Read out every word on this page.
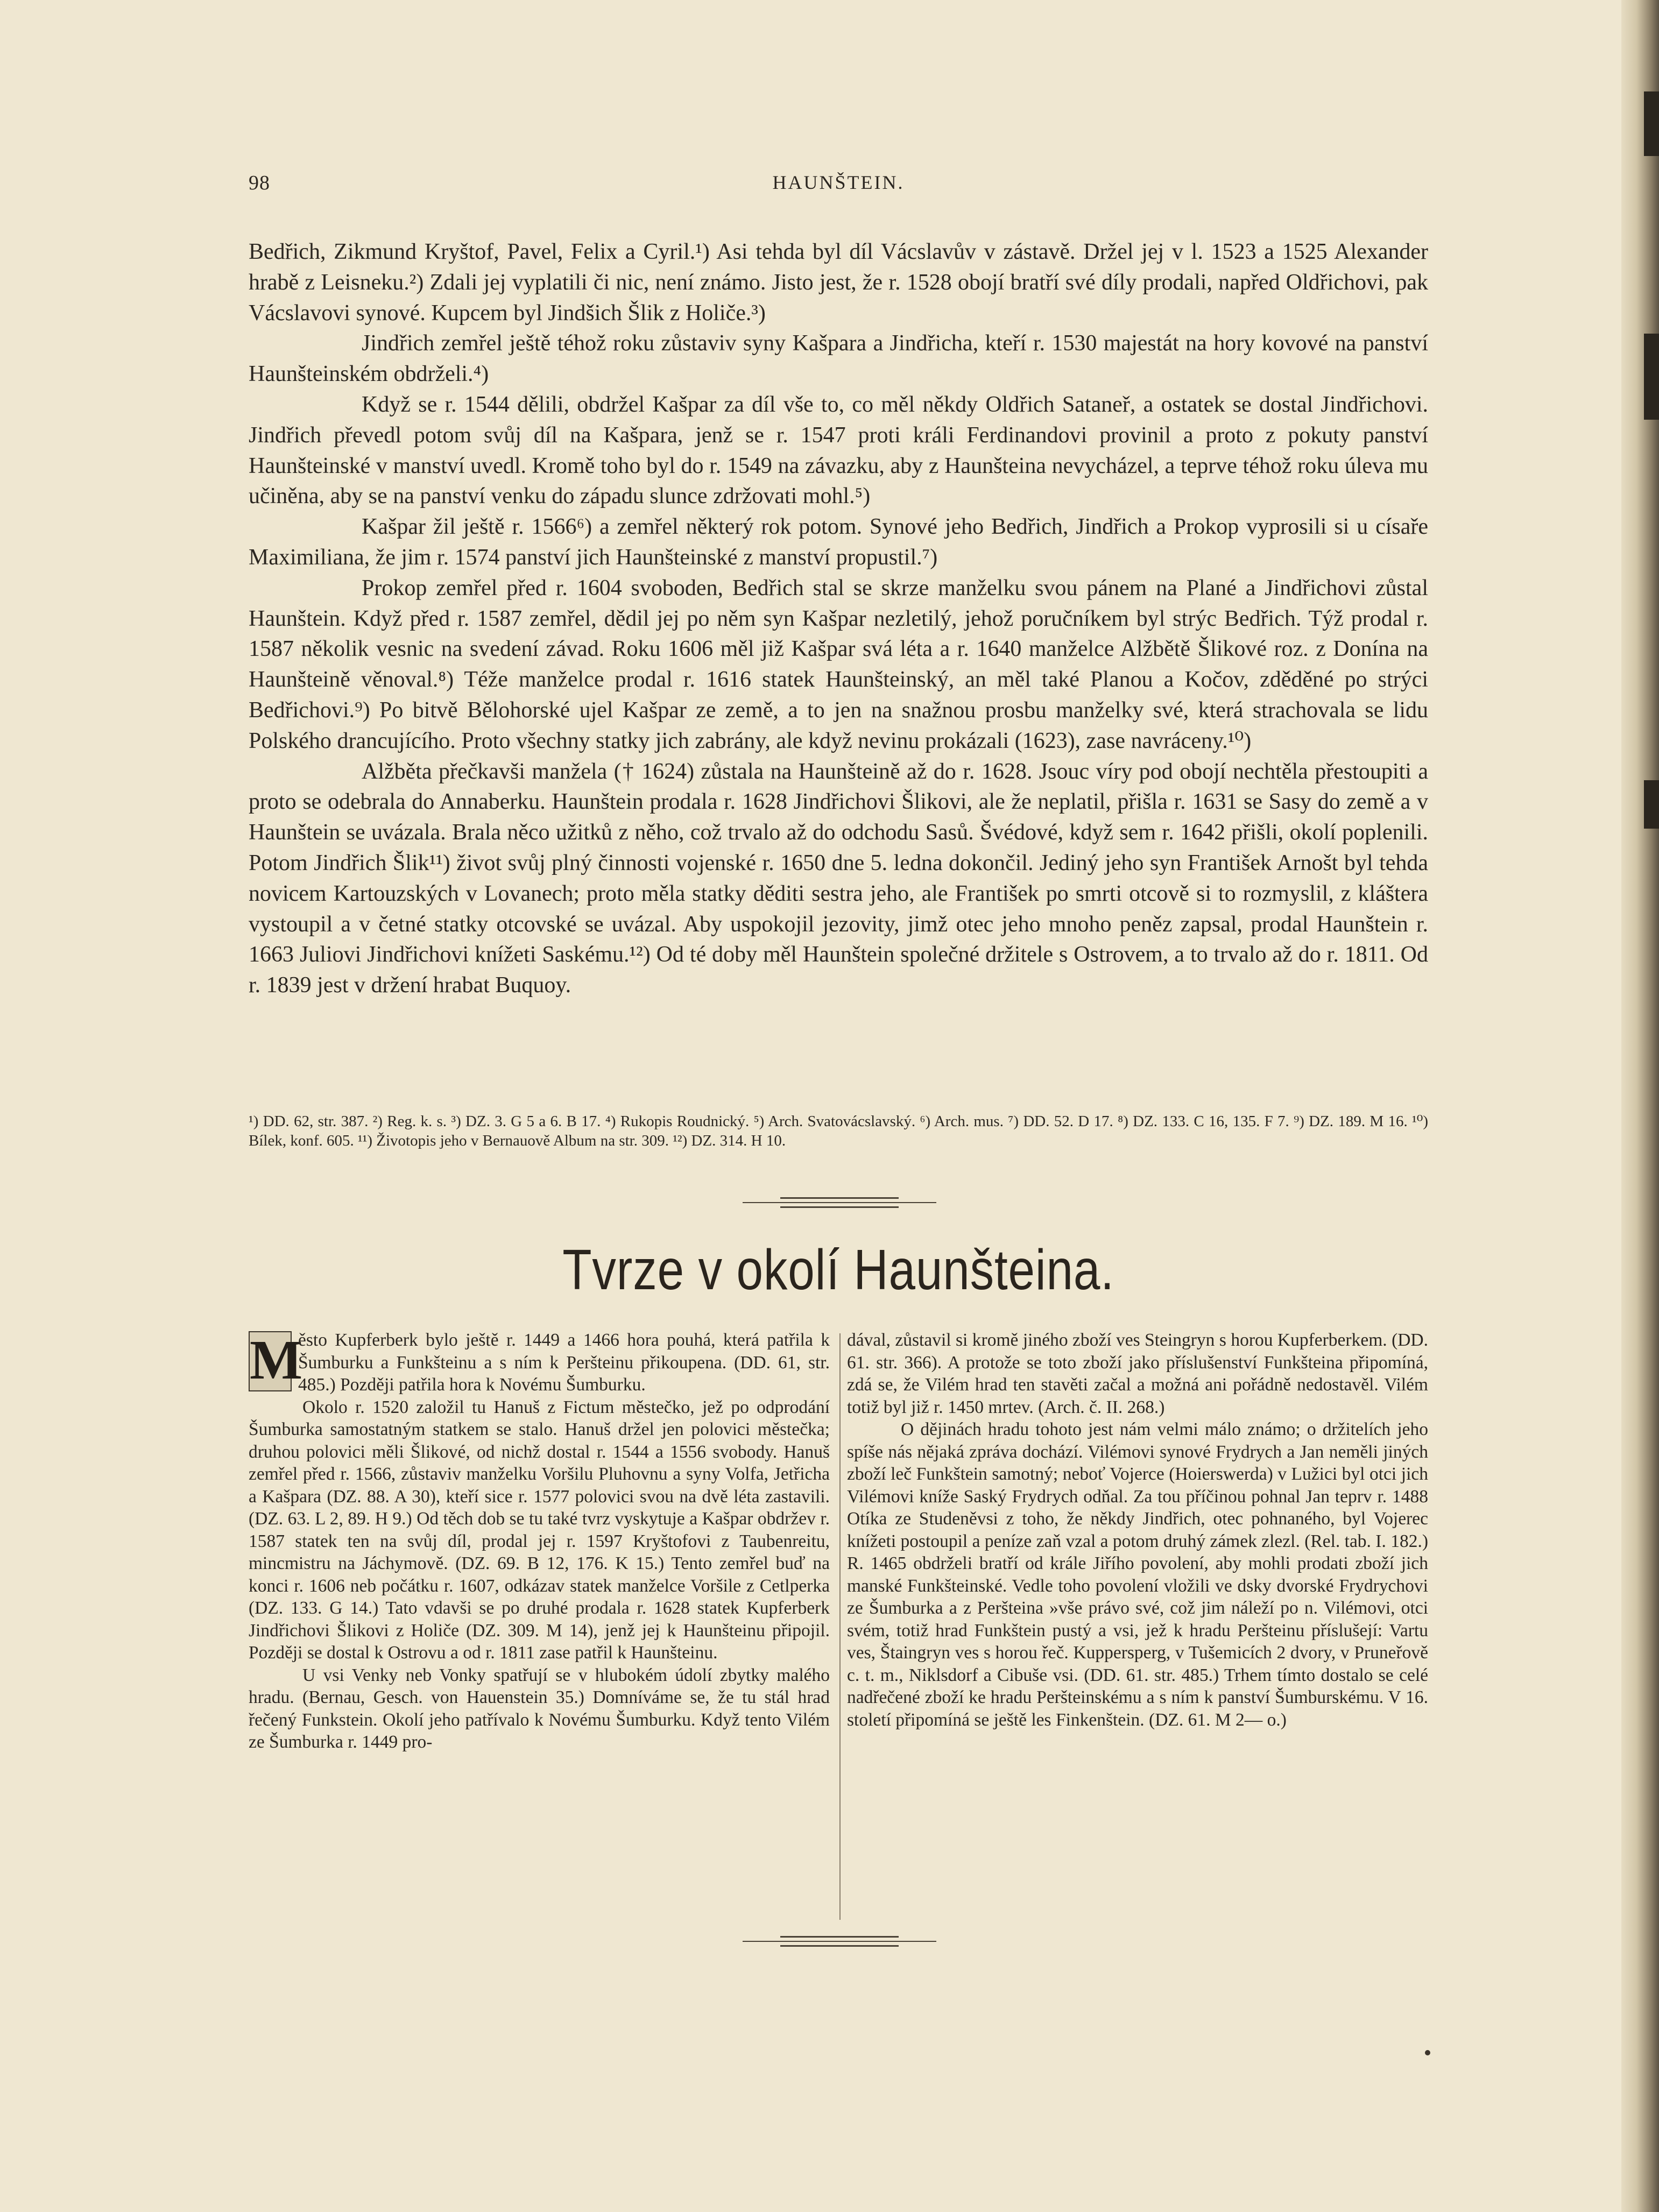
98	HAUNŠTEIN.

Bedřich, Zikmund Kryštof, Pavel, Felix a Cyril.¹) Asi tehda byl díl Vácslavův v zástavě. Držel jej v l. 1523 a 1525 Alexander hrabě z Leisneku.²) Zdali jej vyplatili či nic, není známo. Jisto jest, že r. 1528 obojí bratří své díly prodali, napřed Oldřichovi, pak Vácslavovi synové. Kupcem byl Jindšich Šlik z Holiče.³)

Jindřich zemřel ještě téhož roku zůstaviv syny Kašpara a Jindřicha, kteří r. 1530 majestát na hory kovové na panství Haunšteinském obdrželi.⁴)

Když se r. 1544 dělili, obdržel Kašpar za díl vše to, co měl někdy Oldřich Sataneř, a ostatek se dostal Jindřichovi. Jindřich převedl potom svůj díl na Kašpara, jenž se r. 1547 proti králi Ferdinandovi provinil a proto z pokuty panství Haunšteinské v manství uvedl. Kromě toho byl do r. 1549 na závazku, aby z Haunšteina nevycházel, a teprve téhož roku úleva mu učiněna, aby se na panství venku do západu slunce zdržovati mohl.⁵)

Kašpar žil ještě r. 1566⁶) a zemřel některý rok potom. Synové jeho Bedřich, Jindřich a Prokop vyprosili si u císaře Maximiliana, že jim r. 1574 panství jich Haunšteinské z manství propustil.⁷)

Prokop zemřel před r. 1604 svoboden, Bedřich stal se skrze manželku svou pánem na Plané a Jindřichovi zůstal Haunštein. Když před r. 1587 zemřel, dědil jej po něm syn Kašpar nezletilý, jehož poručníkem byl strýc Bedřich. Týž prodal r. 1587 několik vesnic na svedení závad. Roku 1606 měl již Kašpar svá léta a r. 1640 manželce Alžbětě Šlikové roz. z Donína na Haunšteině věnoval.⁸) Téže manželce prodal r. 1616 statek Haunšteinský, an měl také Planou a Kočov, zděděné po strýci Bedřichovi.⁹) Po bitvě Bělohorské ujel Kašpar ze země, a to jen na snažnou prosbu manželky své, která strachovala se lidu Polského drancujícího. Proto všechny statky jich zabrány, ale když nevinu prokázali (1623), zase navráceny.¹⁰)

Alžběta přečkavši manžela († 1624) zůstala na Haunšteině až do r. 1628. Jsouc víry pod obojí nechtěla přestoupiti a proto se odebrala do Annaberku. Haunštein prodala r. 1628 Jindřichovi Šlikovi, ale že neplatil, přišla r. 1631 se Sasy do země a v Haunštein se uvázala. Brala něco užitků z něho, což trvalo až do odchodu Sasů. Švédové, když sem r. 1642 přišli, okolí poplenili. Potom Jindřich Šlik¹¹) život svůj plný činnosti vojenské r. 1650 dne 5. ledna dokončil. Jediný jeho syn František Arnošt byl tehda novicem Kartouzských v Lovanech; proto měla statky děditi sestra jeho, ale František po smrti otcově si to rozmyslil, z kláštera vystoupil a v četné statky otcovské se uvázal. Aby uspokojil jezovity, jimž otec jeho mnoho peněz zapsal, prodal Haunštein r. 1663 Juliovi Jindřichovi knížeti Saskému.¹²) Od té doby měl Haunštein společné držitele s Ostrovem, a to trvalo až do r. 1811. Od r. 1839 jest v držení hrabat Buquoy.

¹) DD. 62, str. 387. ²) Reg. k. s. ³) DZ. 3. G 5 a 6. B 17. ⁴) Rukopis Roudnický. ⁵) Arch. Svatovácslavský. ⁶) Arch. mus. ⁷) DD. 52. D 17. ⁸) DZ. 133. C 16, 135. F 7. ⁹) DZ. 189. M 16. ¹⁰) Bílek, konf. 605. ¹¹) Životopis jeho v Bernauově Album na str. 309. ¹²) DZ. 314. H 10.

Tvrze v okolí Haunšteina.

M
ěsto Kupferberk bylo ještě r. 1449 a 1466 hora pouhá, která patřila k Šumburku a Funkšteinu a s ním k Peršteinu přikoupena. (DD. 61, str. 485.) Později patřila hora k Novému Šumburku.

Okolo r. 1520 založil tu Hanuš z Fictum městečko, jež po odprodání Šumburka samostatným statkem se stalo. Hanuš držel jen polovici městečka; druhou polovici měli Šlikové, od nichž dostal r. 1544 a 1556 svobody. Hanuš zemřel před r. 1566, zůstaviv manželku Voršilu Pluhovnu a syny Volfa, Jetřicha a Kašpara (DZ. 88. A 30), kteří sice r. 1577 polovici svou na dvě léta zastavili. (DZ. 63. L 2, 89. H 9.) Od těch dob se tu také tvrz vyskytuje a Kašpar obdržev r. 1587 statek ten na svůj díl, prodal jej r. 1597 Kryštofovi z Taubenreitu, mincmistru na Jáchymově. (DZ. 69. B 12, 176. K 15.) Tento zemřel buď na konci r. 1606 neb počátku r. 1607, odkázav statek manželce Voršile z Cetlperka (DZ. 133. G 14.) Tato vdavši se po druhé prodala r. 1628 statek Kupferberk Jindřichovi Šlikovi z Holiče (DZ. 309. M 14), jenž jej k Haunšteinu připojil. Později se dostal k Ostrovu a od r. 1811 zase patřil k Haunšteinu.

U vsi Venky neb Vonky spatřují se v hlubokém údolí zbytky malého hradu. (Bernau, Gesch. von Hauenstein 35.) Domníváme se, že tu stál hrad řečený Funkstein. Okolí jeho patřívalo k Novému Šumburku. Když tento Vilém ze Šumburka r. 1449 pro-

dával, zůstavil si kromě jiného zboží ves Steingryn s horou Kupferberkem. (DD. 61. str. 366). A protože se toto zboží jako příslušenství Funkšteina připomíná, zdá se, že Vilém hrad ten stavěti začal a možná ani pořádně nedostavěl. Vilém totiž byl již r. 1450 mrtev. (Arch. č. II. 268.)

O dějinách hradu tohoto jest nám velmi málo známo; o držitelích jeho spíše nás nějaká zpráva dochází. Vilémovi synové Frydrych a Jan neměli jiných zboží leč Funkštein samotný; neboť Vojerce (Hoierswerda) v Lužici byl otci jich Vilémovi kníže Saský Frydrych odňal. Za tou příčinou pohnal Jan teprv r. 1488 Otíka ze Studeněvsi z toho, že někdy Jindřich, otec pohnaného, byl Vojerec knížeti postoupil a peníze zaň vzal a potom druhý zámek zlezl. (Rel. tab. I. 182.) R. 1465 obdrželi bratří od krále Jiřího povolení, aby mohli prodati zboží jich manské Funkšteinské. Vedle toho povolení vložili ve dsky dvorské Frydrychovi ze Šumburka a z Peršteina »vše právo své, což jim náleží po n. Vilémovi, otci svém, totiž hrad Funkštein pustý a vsi, jež k hradu Peršteinu příslušejí: Vartu ves, Štaingryn ves s horou řeč. Kuppersperg, v Tušemicích 2 dvory, v Pruneřově c. t. m., Niklsdorf a Cibuše vsi. (DD. 61. str. 485.) Trhem tímto dostalo se celé nadřečené zboží ke hradu Peršteinskému a s ním k panství Šumburskému. V 16. století připomíná se ještě les Finkenštein. (DZ. 61. M 2— o.)
